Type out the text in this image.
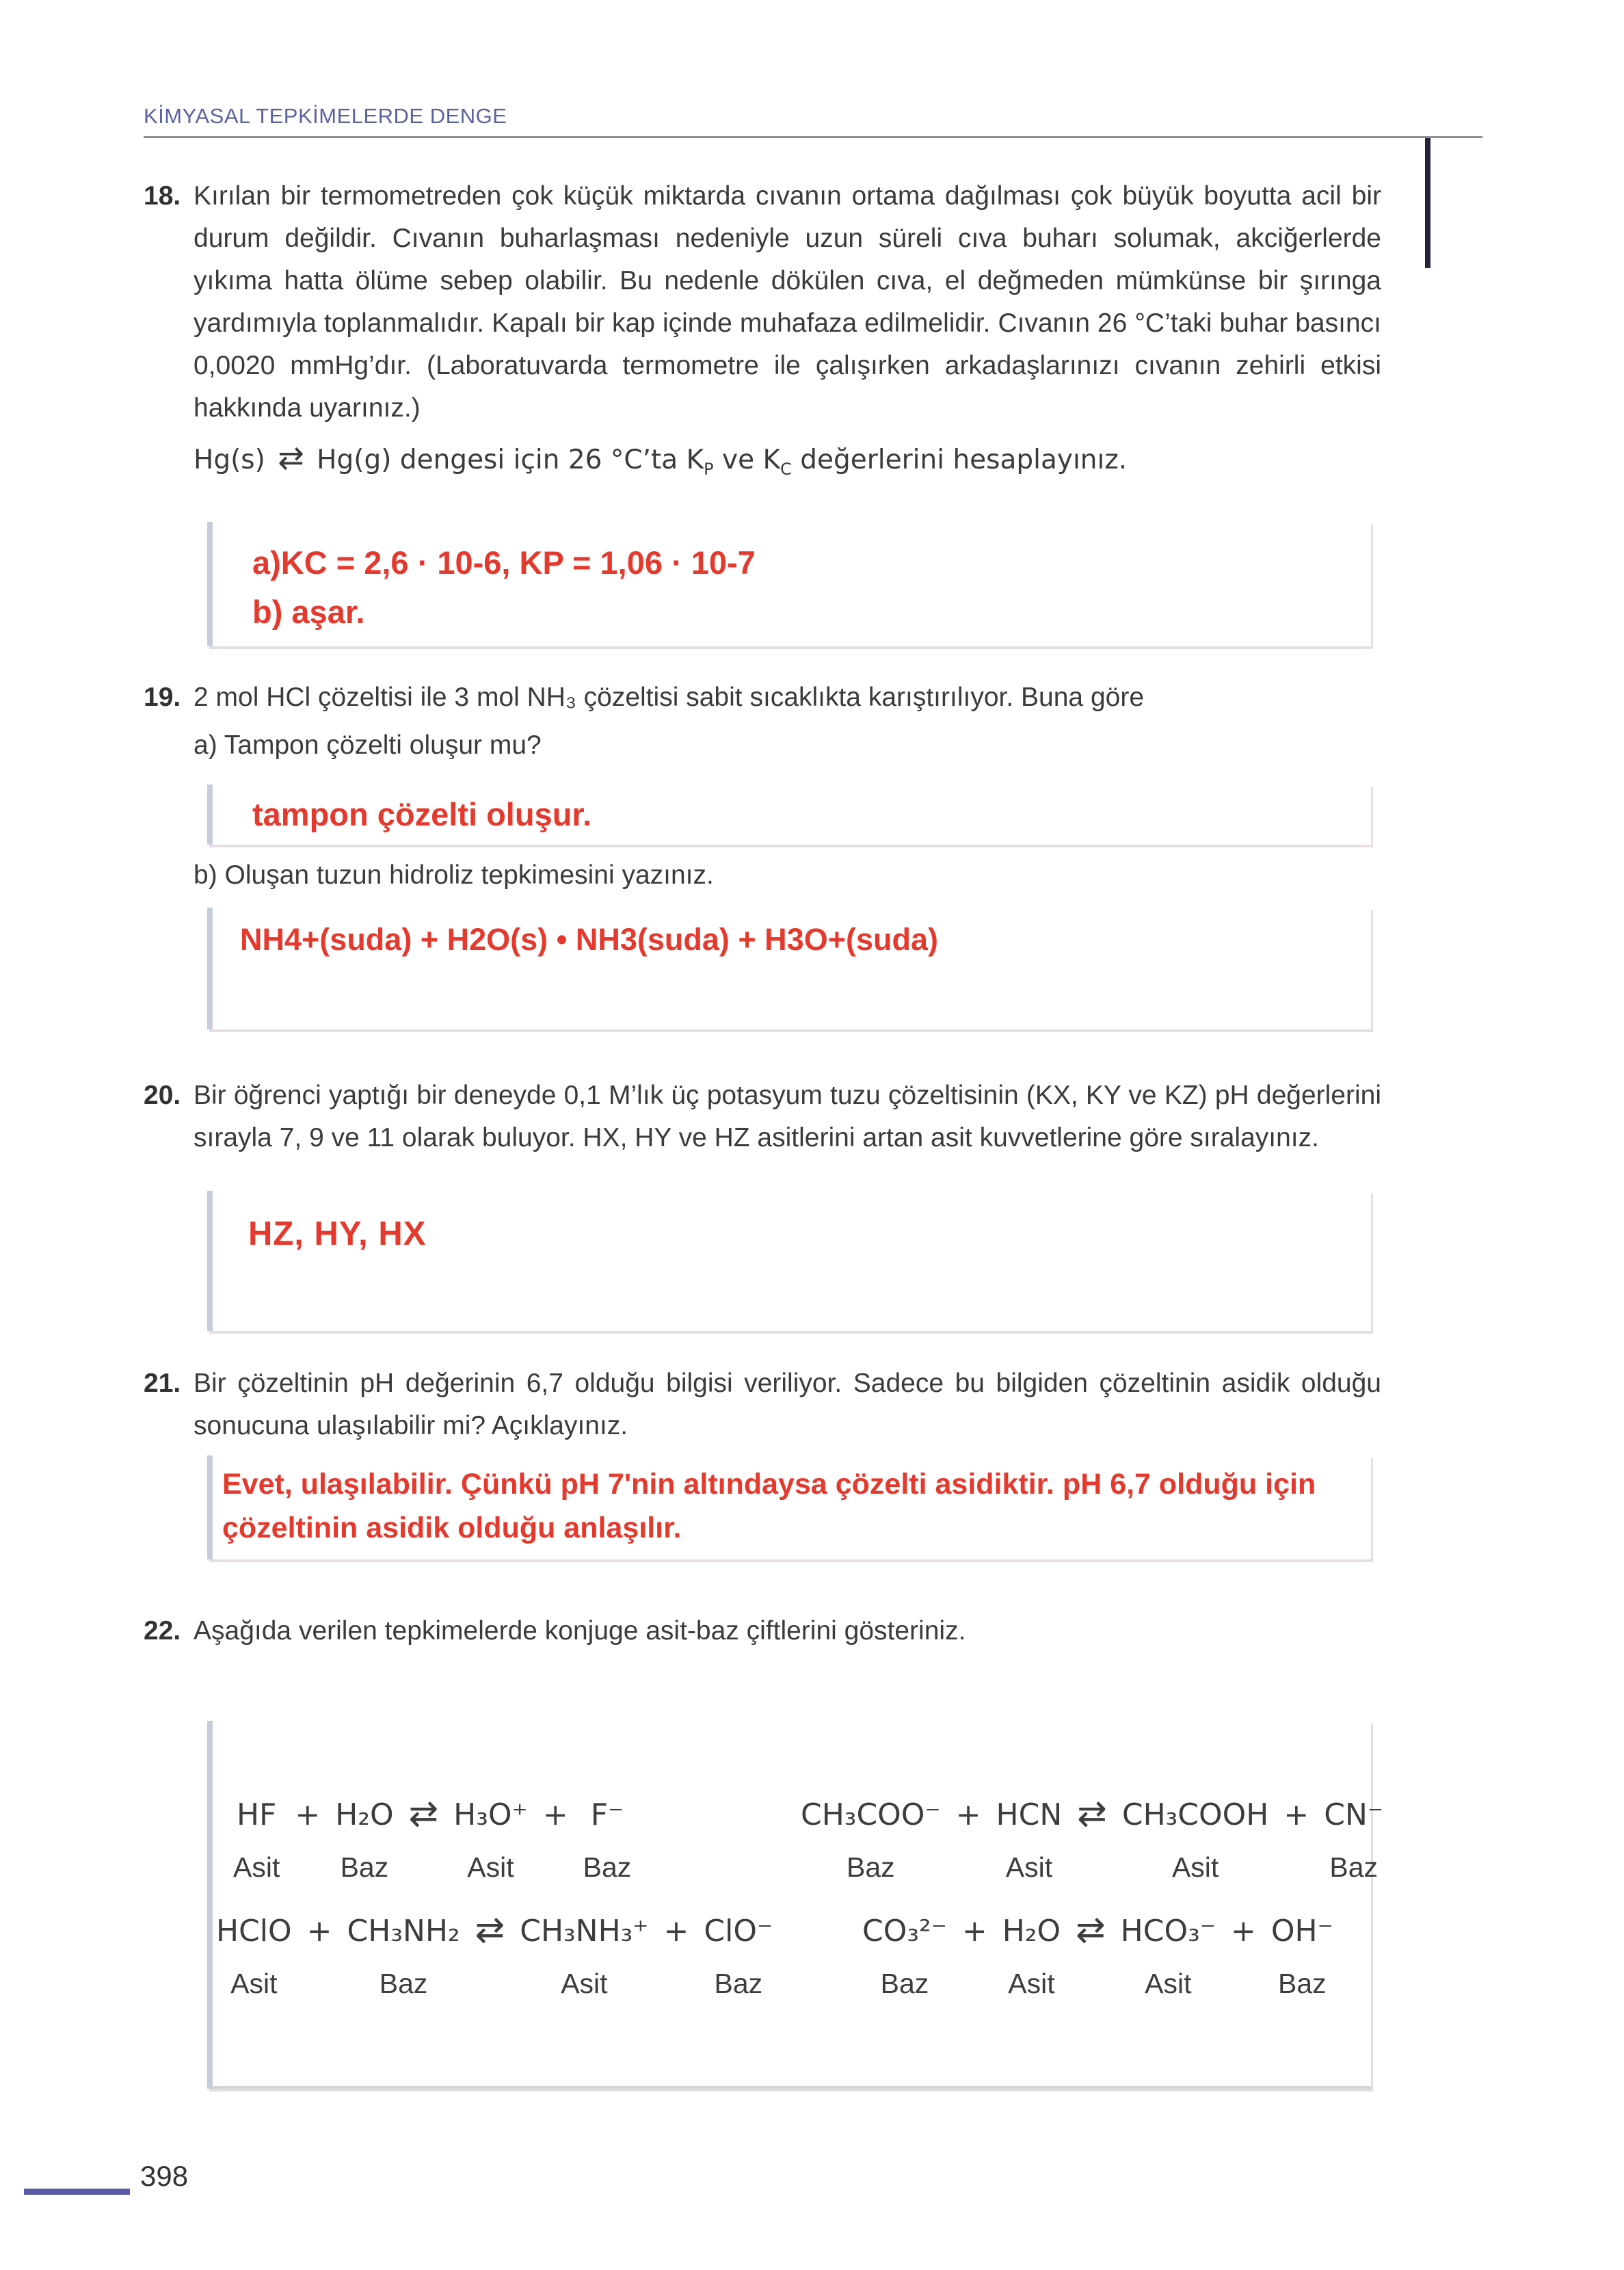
KİMYASAL TEPKİMELERDE DENGE
18. Kırılan bir termometreden çok küçük miktarda cıvanın ortama dağılması çok büyük boyutta acil bir durum değildir. Cıvanın buharlaşması nedeniyle uzun süreli cıva buharı solumak, akciğerlerde yıkıma hatta ölüme sebep olabilir. Bu nedenle dökülen cıva, el değmeden mümkünse bir şırınga yardımıyla toplanmalıdır. Kapalı bir kap içinde muhafaza edilmelidir. Cıvanın 26 °C’taki buhar basıncı 0,0020 mmHg’dır. (Laboratuvarda termometre ile çalışırken arkadaşlarınızı cıvanın zehirli etkisi hakkında uyarınız.)
Hg(s) ⇄ Hg(g) dengesi için 26 °C’ta $K_P$ ve $K_C$ değerlerini hesaplayınız.
a)KC = 2,6 · 10-6, KP = 1,06 · 10-7
b) aşar.
19. 2 mol HCl çözeltisi ile 3 mol NH₃ çözeltisi sabit sıcaklıkta karıştırılıyor. Buna göre
a) Tampon çözelti oluşur mu?
tampon çözelti oluşur.
b) Oluşan tuzun hidroliz tepkimesini yazınız.
NH4+(suda) + H2O(s) • NH3(suda) + H3O+(suda)
20. Bir öğrenci yaptığı bir deneyde 0,1 M’lık üç potasyum tuzu çözeltisinin (KX, KY ve KZ) pH değerlerini sırayla 7, 9 ve 11 olarak buluyor. HX, HY ve HZ asitlerini artan asit kuvvetlerine göre sıralayınız.
HZ, HY, HX
21. Bir çözeltinin pH değerinin 6,7 olduğu bilgisi veriliyor. Sadece bu bilgiden çözeltinin asidik olduğu sonucuna ulaşılabilir mi? Açıklayınız.
Evet, ulaşılabilir. Çünkü pH 7'nin altındaysa çözelti asidiktir. pH 6,7 olduğu için çözeltinin asidik olduğu anlaşılır.
22. Aşağıda verilen tepkimelerde konjuge asit-baz çiftlerini gösteriniz.
HF
Asit
+ H₂O
Baz
⇄ H₃O⁺
Asit
+ F⁻
Baz
CH₃COO⁻
Baz
+ HCN
Asit
⇄ CH₃COOH
Asit
+ CN⁻
Baz
HClO
Asit
+ CH₃NH₂
Baz
⇄ CH₃NH₃⁺
Asit
+ ClO⁻
Baz
CO₃²⁻
Baz
+ H₂O
Asit
⇄ HCO₃⁻
Asit
+ OH⁻
Baz
398
